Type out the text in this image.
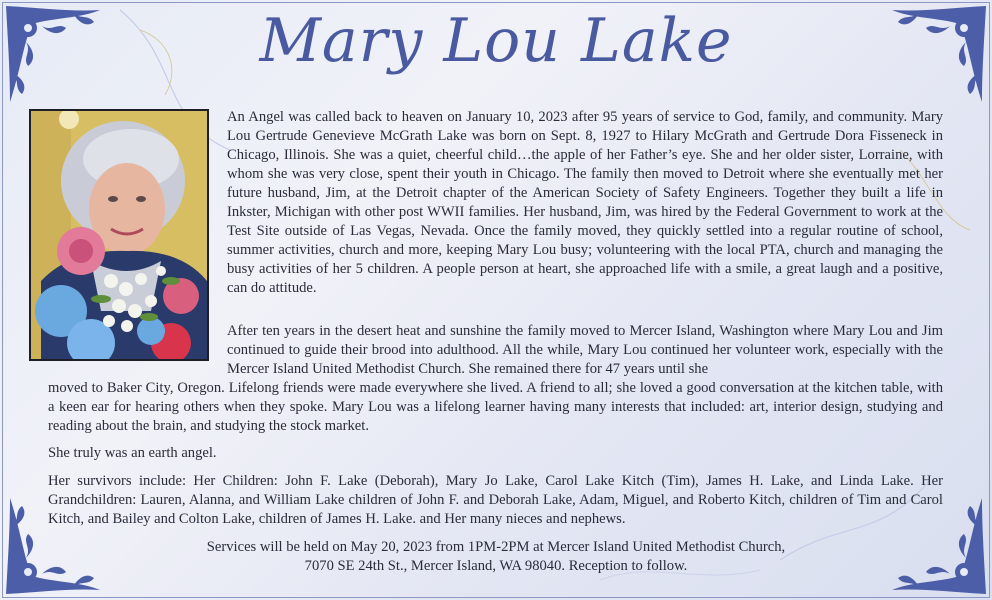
Mary Lou Lake

An Angel was called back to heaven on January 10, 2023 after 95 years of service to God, family, and community. Mary Lou Gertrude Genevieve McGrath Lake was born on Sept. 8, 1927 to Hilary McGrath and Gertrude Dora Fisseneck in Chicago, Illinois. She was a quiet, cheerful child…the apple of her Father’s eye. She and her older sister, Lorraine, with whom she was very close, spent their youth in Chicago. The family then moved to Detroit where she eventually met her future husband, Jim, at the Detroit chapter of the American Society of Safety Engineers. Together they built a life in Inkster, Michigan with other post WWII families. Her husband, Jim, was hired by the Federal Government to work at the Test Site outside of Las Vegas, Nevada. Once the family moved, they quickly settled into a regular routine of school, summer activities, church and more, keeping Mary Lou busy; volunteering with the local PTA, church and managing the busy activities of her 5 children. A people person at heart, she approached life with a smile, a great laugh and a positive, can do attitude.

After ten years in the desert heat and sunshine the family moved to Mercer Island, Washington where Mary Lou and Jim continued to guide their brood into adulthood. All the while, Mary Lou continued her volunteer work, especially with the Mercer Island United Methodist Church. She remained there for 47 years until she

moved to Baker City, Oregon. Lifelong friends were made everywhere she lived. A friend to all; she loved a good conversation at the kitchen table, with a keen ear for hearing others when they spoke. Mary Lou was a lifelong learner having many interests that included: art, interior design, studying and reading about the brain, and studying the stock market.

She truly was an earth angel.

Her survivors include: Her Children: John F. Lake (Deborah), Mary Jo Lake, Carol Lake Kitch (Tim), James H. Lake, and Linda Lake. Her Grandchildren: Lauren, Alanna, and William Lake children of John F. and Deborah Lake, Adam, Miguel, and Roberto Kitch, children of Tim and Carol Kitch, and Bailey and Colton Lake, children of James H. Lake. and Her many nieces and nephews.

Services will be held on May 20, 2023 from 1PM-2PM at Mercer Island United Methodist Church,
7070 SE 24th St., Mercer Island, WA 98040. Reception to follow.
